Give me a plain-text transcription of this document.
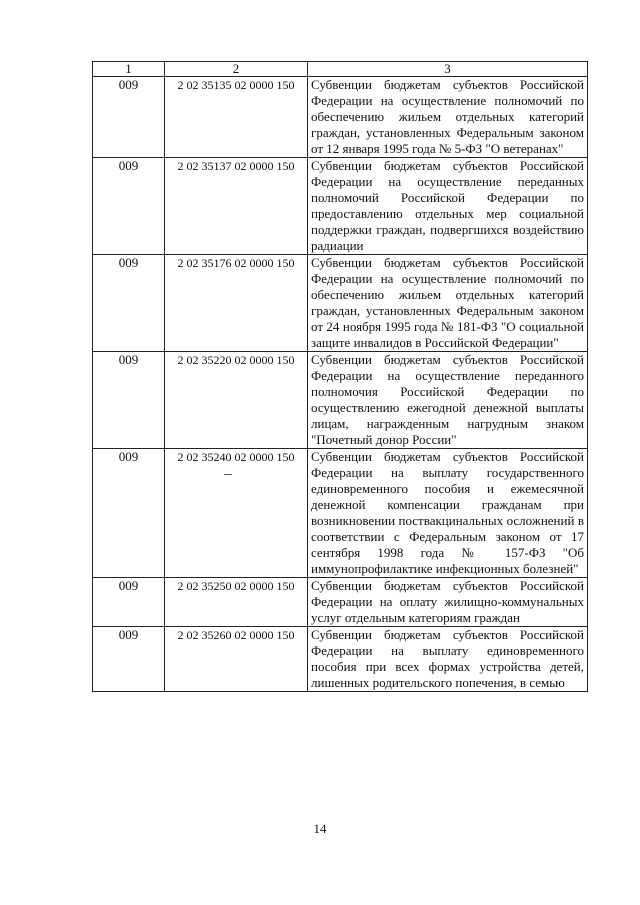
1	2	3
009	2 02 35135 02 0000 150	Субвенции бюджетам субъектов Российской Федерации на осуществление полномочий по обеспечению жильем отдельных категорий граждан, установленных Федеральным законом от 12 января 1995 года № 5-ФЗ "О ветеранах"
009	2 02 35137 02 0000 150	Субвенции бюджетам субъектов Российской Федерации на осуществление переданных полномочий Российской Федерации по предоставлению отдельных мер социальной поддержки граждан, подвергшихся воздействию радиации
009	2 02 35176 02 0000 150	Субвенции бюджетам субъектов Российской Федерации на осуществление полномочий по обеспечению жильем отдельных категорий граждан, установленных Федеральным законом от 24 ноября 1995 года № 181-ФЗ "О социальной защите инвалидов в Российской Федерации"
009	2 02 35220 02 0000 150	Субвенции бюджетам субъектов Российской Федерации на осуществление переданного полномочия Российской Федерации по осуществлению ежегодной денежной выплаты лицам, награжденным нагрудным знаком "Почетный донор России"
009	2 02 35240 02 0000 150	Субвенции бюджетам субъектов Российской Федерации на выплату государственного единовременного пособия и ежемесячной денежной компенсации гражданам при возникновении поствакцинальных осложнений в соответствии с Федеральным законом от 17 сентября 1998 года № 157-ФЗ "Об иммунопрофилактике инфекционных болезней"
009	2 02 35250 02 0000 150	Субвенции бюджетам субъектов Российской Федерации на оплату жилищно-коммунальных услуг отдельным категориям граждан
009	2 02 35260 02 0000 150	Субвенции бюджетам субъектов Российской Федерации на выплату единовременного пособия при всех формах устройства детей, лишенных родительского попечения, в семью
14
